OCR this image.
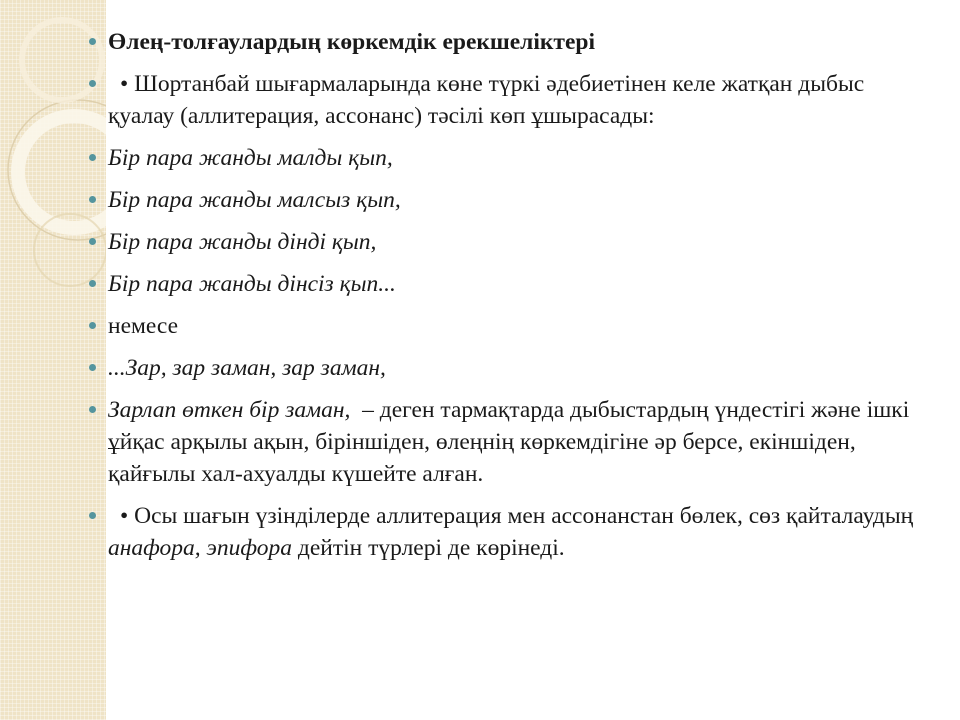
Өлең-толғаулардың көркемдік ерекшеліктері
• Шортанбай шығармаларында көне түркі әдебиетінен келе жатқан дыбыс қуалау (аллитерация, ассонанс) тәсілі көп ұшырасады:
Бір пара жанды малды қып,
Бір пара жанды малсыз қып,
Бір пара жанды дінді қып,
Бір пара жанды дінсіз қып...
немесе
...Зар, зар заман, зар заман,
Зарлап өткен бір заман,  – деген тармақтарда дыбыстардың үндестігі және ішкі ұйқас арқылы ақын, біріншіден, өлеңнің көркемдігіне әр берсе, екіншіден, қайғылы хал-ахуалды күшейте алған.
• Осы шағын үзінділерде аллитерация мен ассонанстан бөлек, сөз қайталаудың анафора, эпифора дейтін түрлері де көрінеді.
